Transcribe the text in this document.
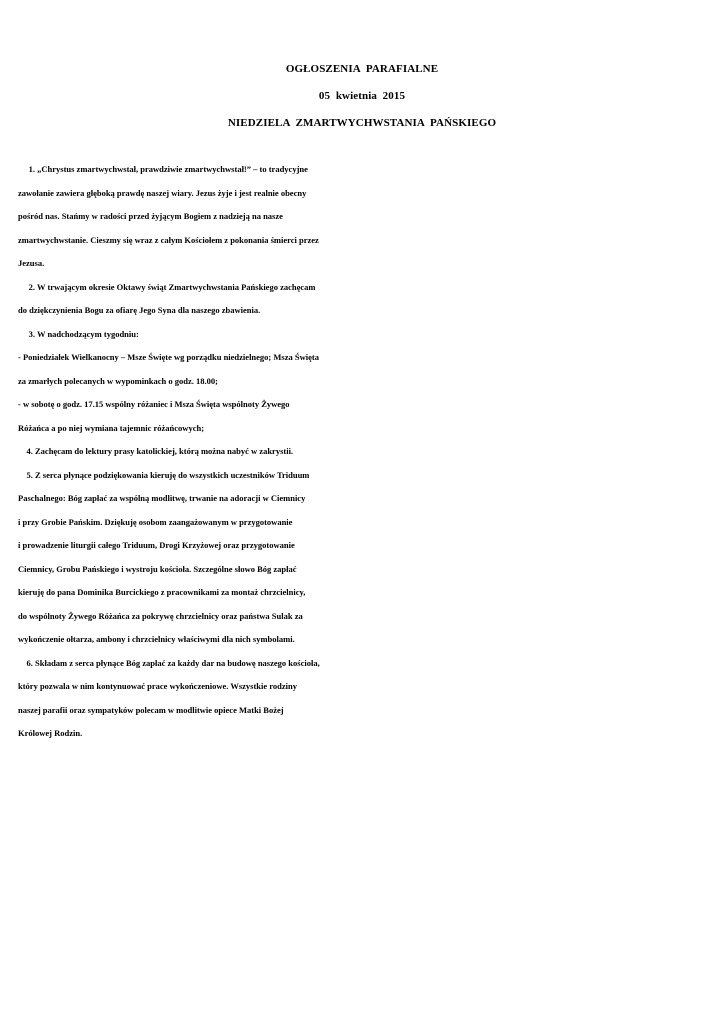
OGŁOSZENIA  PARAFIALNE
05  kwietnia  2015
NIEDZIELA  ZMARTWYCHWSTANIA  PAŃSKIEGO
1. „Chrystus zmartwychwstał, prawdziwie zmartwychwstał!” – to tradycyjne
zawołanie zawiera głęboką prawdę naszej wiary. Jezus żyje i jest realnie obecny
pośród nas. Stańmy w radości przed żyjącym Bogiem z nadzieją na nasze
zmartwychwstanie. Cieszmy się wraz z całym Kościołem z pokonania śmierci przez
Jezusa.
2. W trwającym okresie Oktawy świąt Zmartwychwstania Pańskiego zachęcam
do dziękczynienia Bogu za ofiarę Jego Syna dla naszego zbawienia.
3. W nadchodzącym tygodniu:
- Poniedziałek Wielkanocny – Msze Święte wg porządku niedzielnego; Msza Święta
za zmarłych polecanych w wypominkach o godz. 18.00;
- w sobotę o godz. 17.15 wspólny różaniec i Msza Święta wspólnoty Żywego
Różańca a po niej wymiana tajemnic różańcowych;
4. Zachęcam do lektury prasy katolickiej, którą można nabyć w zakrystii.
5. Z serca płynące podziękowania kieruję do wszystkich uczestników Triduum
Paschalnego: Bóg zapłać za wspólną modlitwę, trwanie na adoracji w Ciemnicy
i przy Grobie Pańskim. Dziękuję osobom zaangażowanym w przygotowanie
i prowadzenie liturgii całego Triduum, Drogi Krzyżowej oraz przygotowanie
Ciemnicy, Grobu Pańskiego i wystroju kościoła. Szczególne słowo Bóg zapłać
kieruję do pana Dominika Burcickiego z pracownikami za montaż chrzcielnicy,
do wspólnoty Żywego Różańca za pokrywę chrzcielnicy oraz państwa Sulak za
wykończenie ołtarza, ambony i chrzcielnicy właściwymi dla nich symbolami.
6. Składam z serca płynące Bóg zapłać za każdy dar na budowę naszego kościoła,
który pozwala w nim kontynuować prace wykończeniowe. Wszystkie rodziny
naszej parafii oraz sympatyków polecam w modlitwie opiece Matki Bożej
Królowej Rodzin.
